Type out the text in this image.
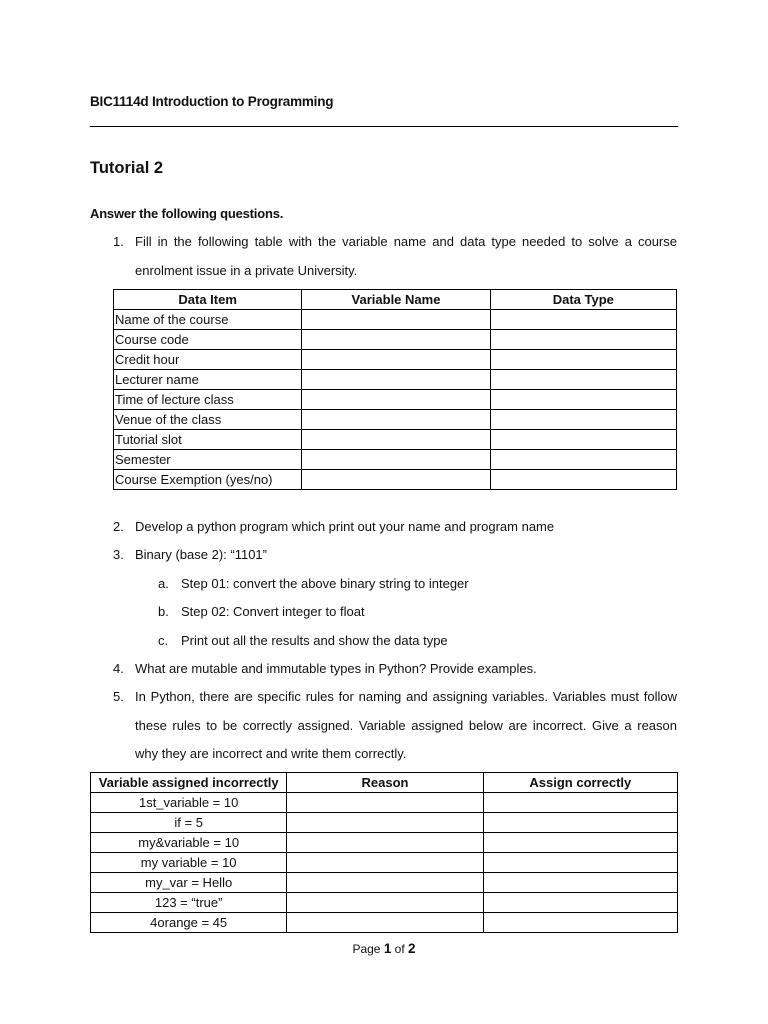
BIC1114d Introduction to Programming
Tutorial 2
Answer the following questions.
1. Fill in the following table with the variable name and data type needed to solve a course enrolment issue in a private University.
Data Item	Variable Name	Data Type
Name of the course		
Course code		
Credit hour		
Lecturer name		
Time of lecture class		
Venue of the class		
Tutorial slot		
Semester		
Course Exemption (yes/no)		
2. Develop a python program which print out your name and program name
3. Binary (base 2): “1101”
a. Step 01: convert the above binary string to integer
b. Step 02: Convert integer to float
c. Print out all the results and show the data type
4. What are mutable and immutable types in Python? Provide examples.
5. In Python, there are specific rules for naming and assigning variables. Variables must follow these rules to be correctly assigned. Variable assigned below are incorrect. Give a reason why they are incorrect and write them correctly.
Variable assigned incorrectly	Reason	Assign correctly
1st_variable = 10		
if = 5		
my&variable = 10		
my variable = 10		
my_var = Hello		
123 = “true”		
4orange = 45		
Page 1 of 2
